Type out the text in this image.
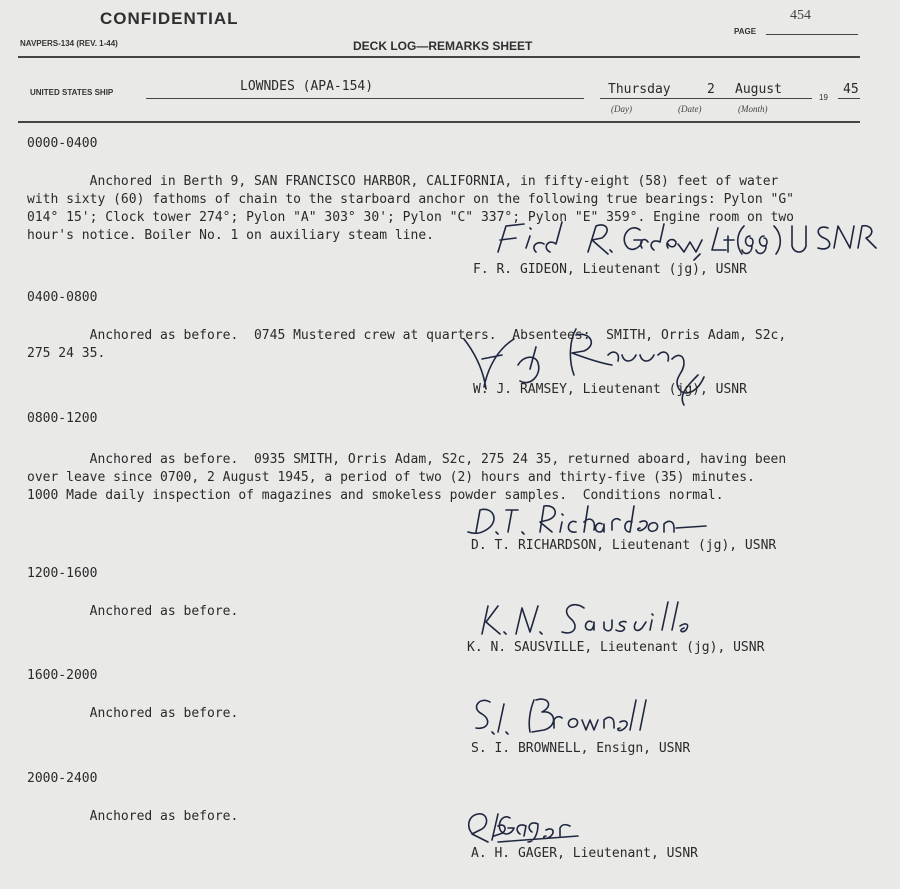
CONFIDENTIAL
NAVPERS-134 (REV. 1-44)	DECK LOG—REMARKS SHEET
PAGE
454
UNITED STATES SHIP	LOWNDES (APA-154)	Thursday	2 August
19
45
(Day)	(Date)	(Month)
0000-0400

Anchored in Berth 9, SAN FRANCISCO HARBOR, CALIFORNIA, in fifty-eight (58) feet of water
with sixty (60) fathoms of chain to the starboard anchor on the following true bearings: Pylon "G"
014° 15'; Clock tower 274°; Pylon "A" 303° 30'; Pylon "C" 337°; Pylon "E" 359°. Engine room on two
hour's notice. Boiler No. 1 on auxiliary steam line.

F. R. GIDEON, Lieutenant (jg), USNR
0400-0800

Anchored as before.  0745 Mustered crew at quarters.  Absentees:  SMITH, Orris Adam, S2c,
275 24 35.

W. J. RAMSEY, Lieutenant (jg), USNR
0800-1200

Anchored as before.  0935 SMITH, Orris Adam, S2c, 275 24 35, returned aboard, having been
over leave since 0700, 2 August 1945, a period of two (2) hours and thirty-five (35) minutes.
1000 Made daily inspection of magazines and smokeless powder samples.  Conditions normal.

D. T. RICHARDSON, Lieutenant (jg), USNR
1200-1600

Anchored as before.

K. N. SAUSVILLE, Lieutenant (jg), USNR
1600-2000

Anchored as before.

S. I. BROWNELL, Ensign, USNR
2000-2400

Anchored as before.

A. H. GAGER, Lieutenant, USNR
